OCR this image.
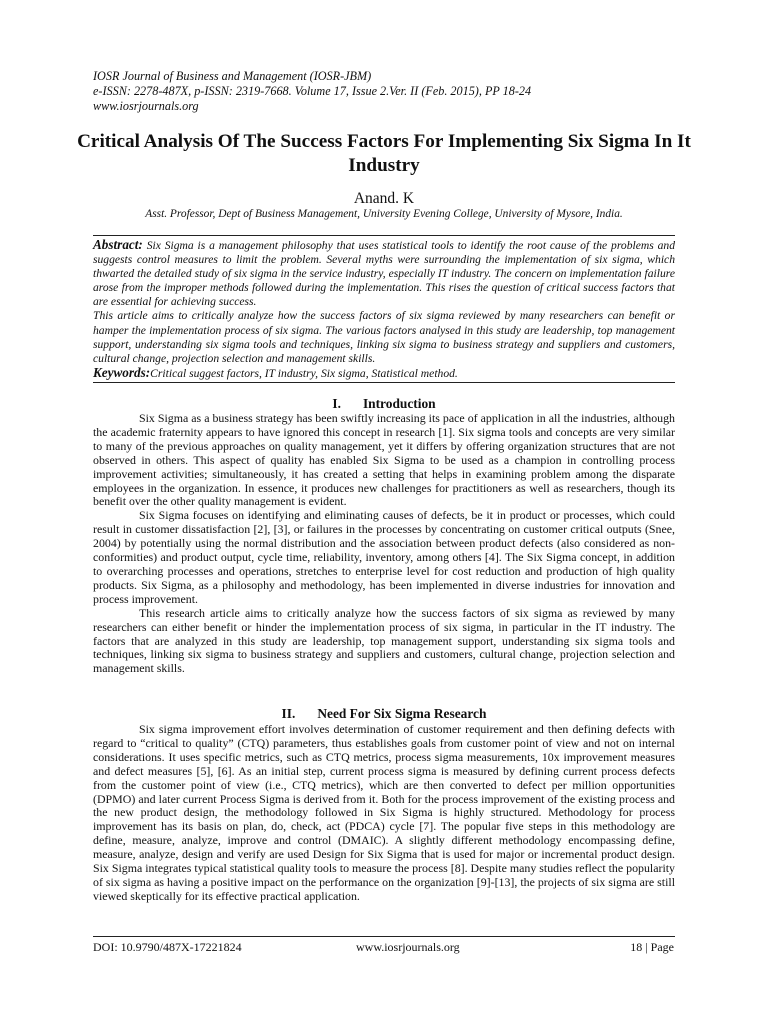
IOSR Journal of Business and Management (IOSR-JBM)
e-ISSN: 2278-487X, p-ISSN: 2319-7668. Volume 17, Issue 2.Ver. II (Feb. 2015), PP 18-24
www.iosrjournals.org
Critical Analysis Of The Success Factors For Implementing Six Sigma In It Industry
Anand. K
Asst. Professor, Dept of Business Management, University Evening College, University of Mysore, India.

Abstract: Six Sigma is a management philosophy that uses statistical tools to identify the root cause of the problems and suggests control measures to limit the problem. Several myths were surrounding the implementation of six sigma, which thwarted the detailed study of six sigma in the service industry, especially IT industry. The concern on implementation failure arose from the improper methods followed during the implementation. This rises the question of critical success factors that are essential for achieving success.

This article aims to critically analyze how the success factors of six sigma reviewed by many researchers can benefit or hamper the implementation process of six sigma. The various factors analysed in this study are leadership, top management support, understanding six sigma tools and techniques, linking six sigma to business strategy and suppliers and customers, cultural change, projection selection and management skills.

Keywords:Critical suggest factors, IT industry, Six sigma, Statistical method.
I. Introduction

Six Sigma as a business strategy has been swiftly increasing its pace of application in all the industries, although the academic fraternity appears to have ignored this concept in research [1]. Six sigma tools and concepts are very similar to many of the previous approaches on quality management, yet it differs by offering organization structures that are not observed in others. This aspect of quality has enabled Six Sigma to be used as a champion in controlling process improvement activities; simultaneously, it has created a setting that helps in examining problem among the disparate employees in the organization. In essence, it produces new challenges for practitioners as well as researchers, though its benefit over the other quality management is evident.

Six Sigma focuses on identifying and eliminating causes of defects, be it in product or processes, which could result in customer dissatisfaction [2], [3], or failures in the processes by concentrating on customer critical outputs (Snee, 2004) by potentially using the normal distribution and the association between product defects (also considered as non-conformities) and product output, cycle time, reliability, inventory, among others [4]. The Six Sigma concept, in addition to overarching processes and operations, stretches to enterprise level for cost reduction and production of high quality products. Six Sigma, as a philosophy and methodology, has been implemented in diverse industries for innovation and process improvement.

This research article aims to critically analyze how the success factors of six sigma as reviewed by many researchers can either benefit or hinder the implementation process of six sigma, in particular in the IT industry. The factors that are analyzed in this study are leadership, top management support, understanding six sigma tools and techniques, linking six sigma to business strategy and suppliers and customers, cultural change, projection selection and management skills.

II. Need For Six Sigma Research

Six sigma improvement effort involves determination of customer requirement and then defining defects with regard to “critical to quality” (CTQ) parameters, thus establishes goals from customer point of view and not on internal considerations. It uses specific metrics, such as CTQ metrics, process sigma measurements, 10x improvement measures and defect measures [5], [6]. As an initial step, current process sigma is measured by defining current process defects from the customer point of view (i.e., CTQ metrics), which are then converted to defect per million opportunities (DPMO) and later current Process Sigma is derived from it. Both for the process improvement of the existing process and the new product design, the methodology followed in Six Sigma is highly structured. Methodology for process improvement has its basis on plan, do, check, act (PDCA) cycle [7]. The popular five steps in this methodology are define, measure, analyze, improve and control (DMAIC). A slightly different methodology encompassing define, measure, analyze, design and verify are used Design for Six Sigma that is used for major or incremental product design. Six Sigma integrates typical statistical quality tools to measure the process [8]. Despite many studies reflect the popularity of six sigma as having a positive impact on the performance on the organization [9]-[13], the projects of six sigma are still viewed skeptically for its effective practical application.

DOI: 10.9790/487X-17221824	www.iosrjournals.org	18 | Page
